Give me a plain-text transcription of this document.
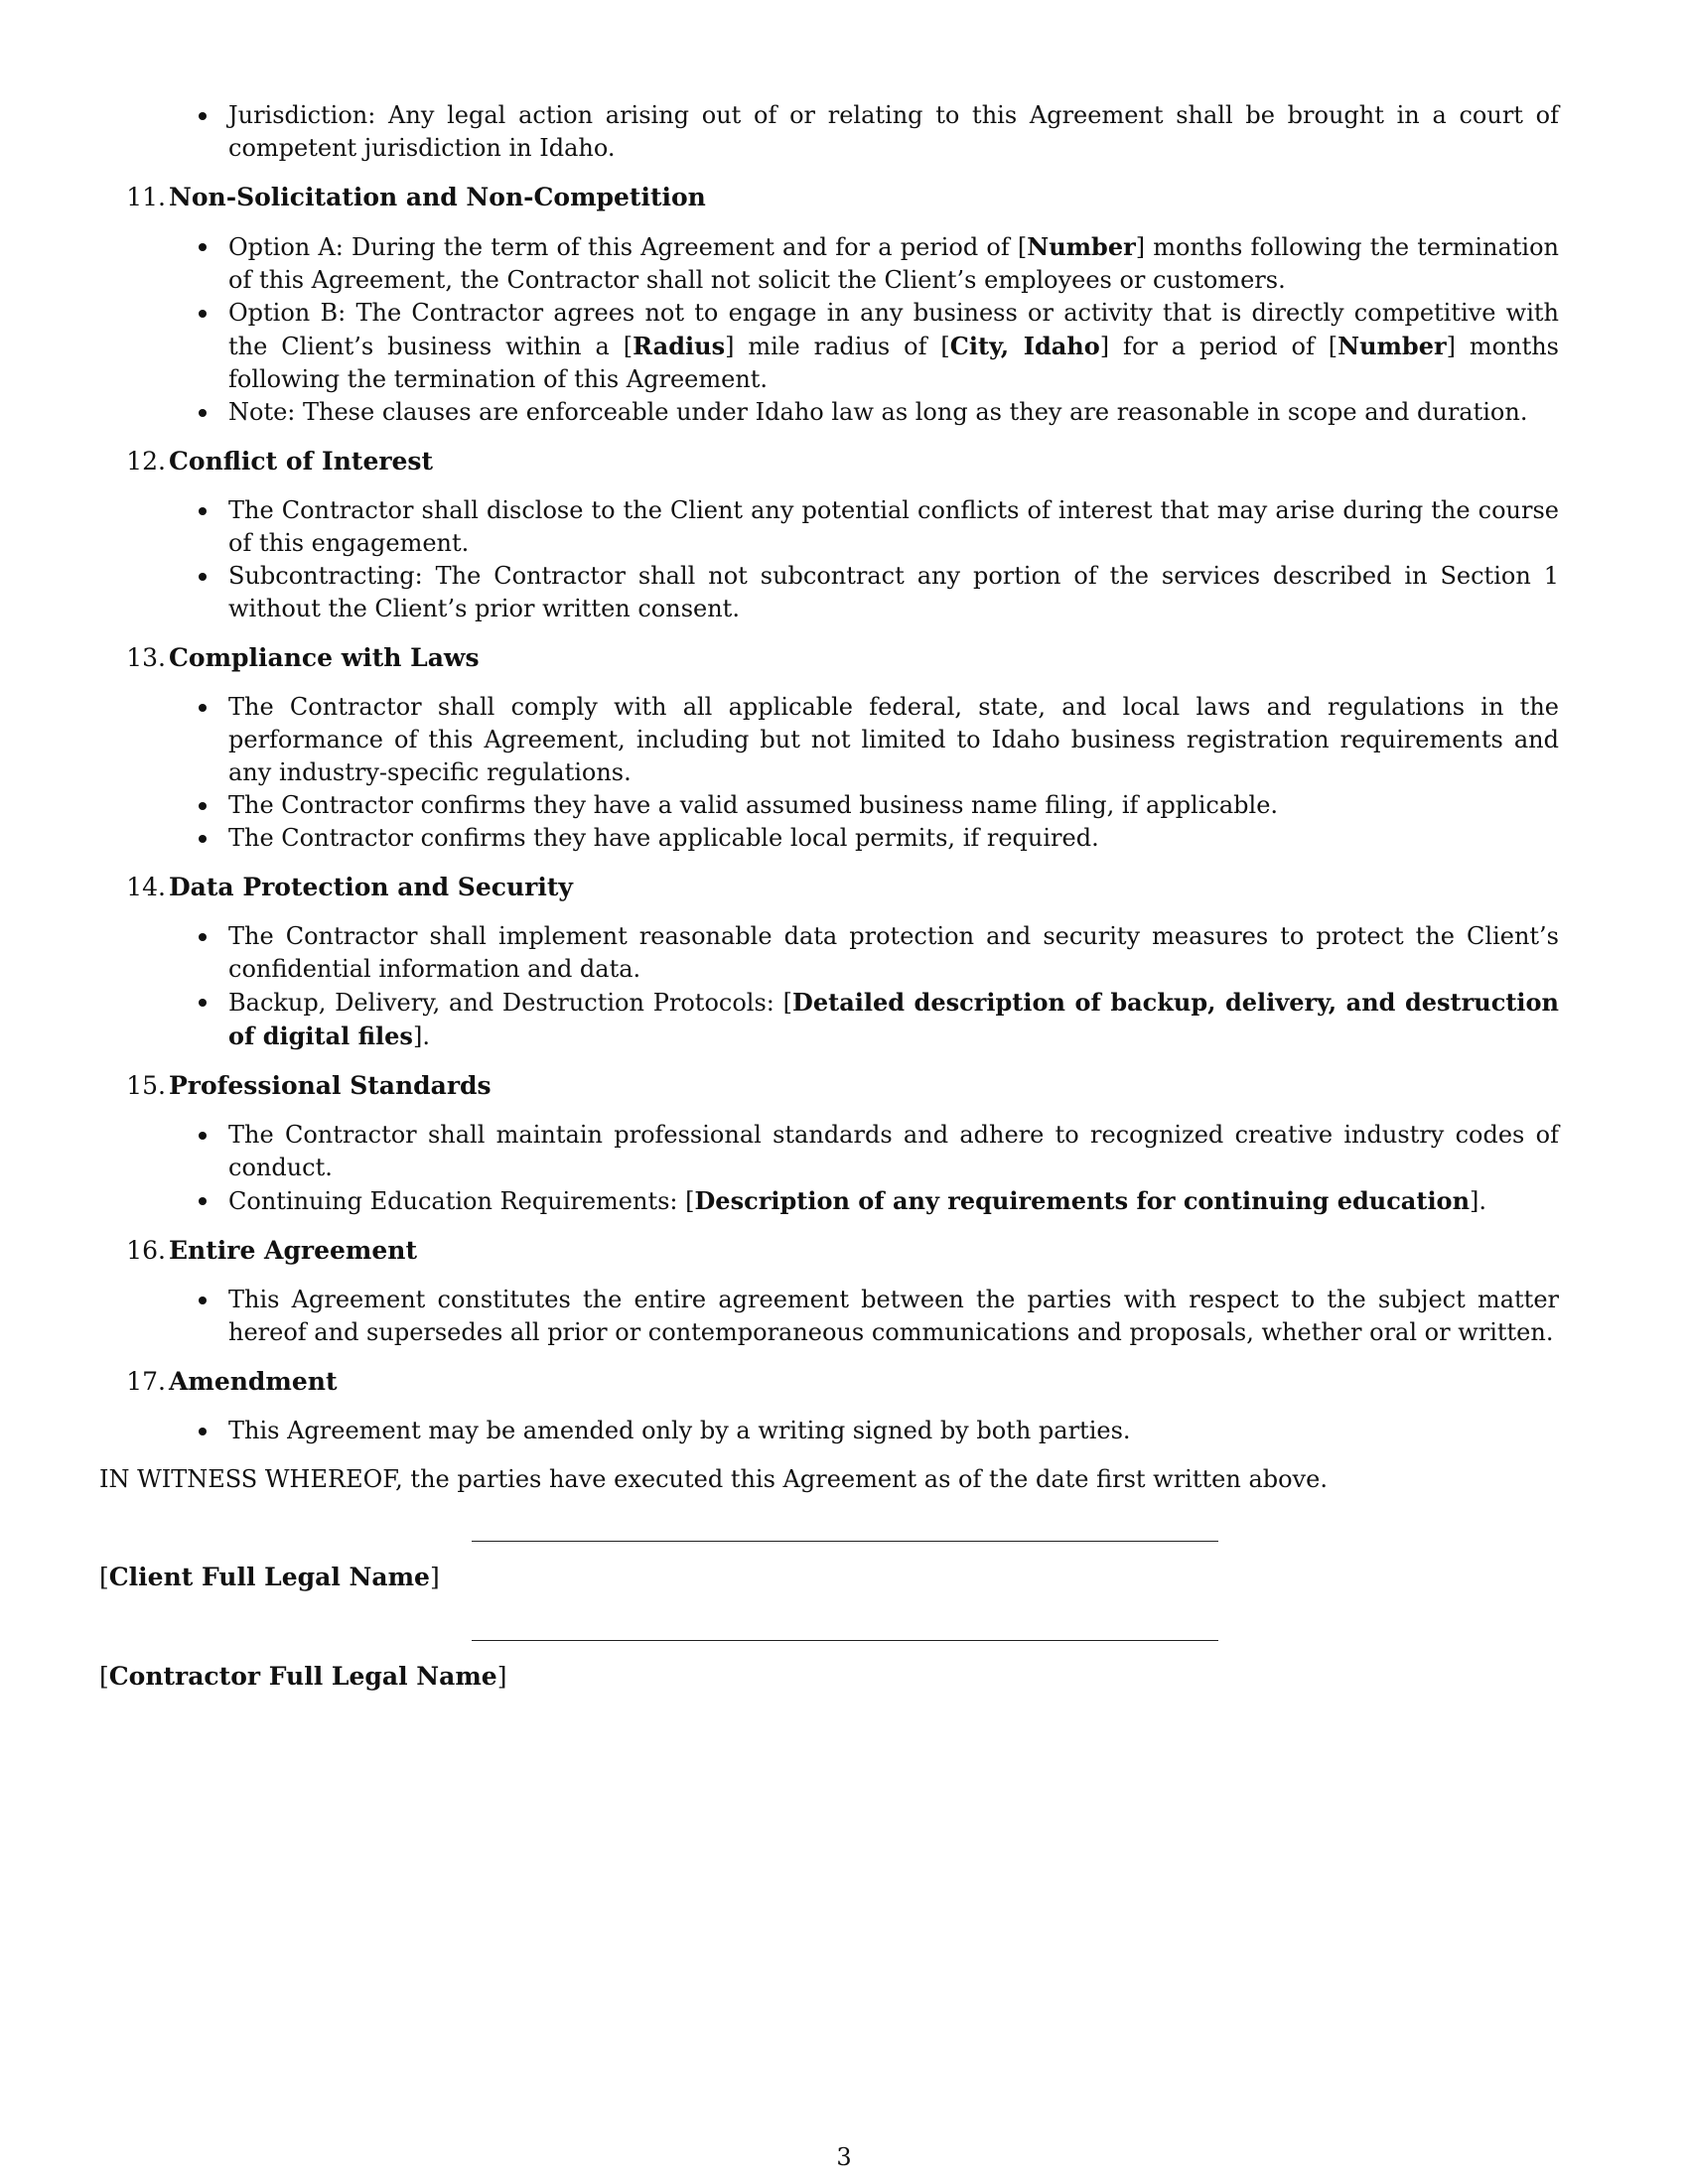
Jurisdiction: Any legal action arising out of or relating to this Agreement shall be brought in a court of competent jurisdiction in Idaho.
11. Non-Solicitation and Non-Competition
Option A: During the term of this Agreement and for a period of [Number] months following the termination of this Agreement, the Contractor shall not solicit the Client’s employees or customers.
Option B: The Contractor agrees not to engage in any business or activity that is directly competitive with the Client’s business within a [Radius] mile radius of [City, Idaho] for a period of [Number] months following the termination of this Agreement.
Note: These clauses are enforceable under Idaho law as long as they are reasonable in scope and duration.
12. Conflict of Interest
The Contractor shall disclose to the Client any potential conflicts of interest that may arise during the course of this engagement.
Subcontracting: The Contractor shall not subcontract any portion of the services described in Section 1 without the Client’s prior written consent.
13. Compliance with Laws
The Contractor shall comply with all applicable federal, state, and local laws and regulations in the performance of this Agreement, including but not limited to Idaho business registration requirements and any industry-specific regulations.
The Contractor confirms they have a valid assumed business name filing, if applicable.
The Contractor confirms they have applicable local permits, if required.
14. Data Protection and Security
The Contractor shall implement reasonable data protection and security measures to protect the Client’s confidential information and data.
Backup, Delivery, and Destruction Protocols: [Detailed description of backup, delivery, and destruction of digital files].
15. Professional Standards
The Contractor shall maintain professional standards and adhere to recognized creative industry codes of conduct.
Continuing Education Requirements: [Description of any requirements for continuing education].
16. Entire Agreement
This Agreement constitutes the entire agreement between the parties with respect to the subject matter hereof and supersedes all prior or contemporaneous communications and proposals, whether oral or written.
17. Amendment
This Agreement may be amended only by a writing signed by both parties.
IN WITNESS WHEREOF, the parties have executed this Agreement as of the date first written above.
[Client Full Legal Name]
[Contractor Full Legal Name]
3
